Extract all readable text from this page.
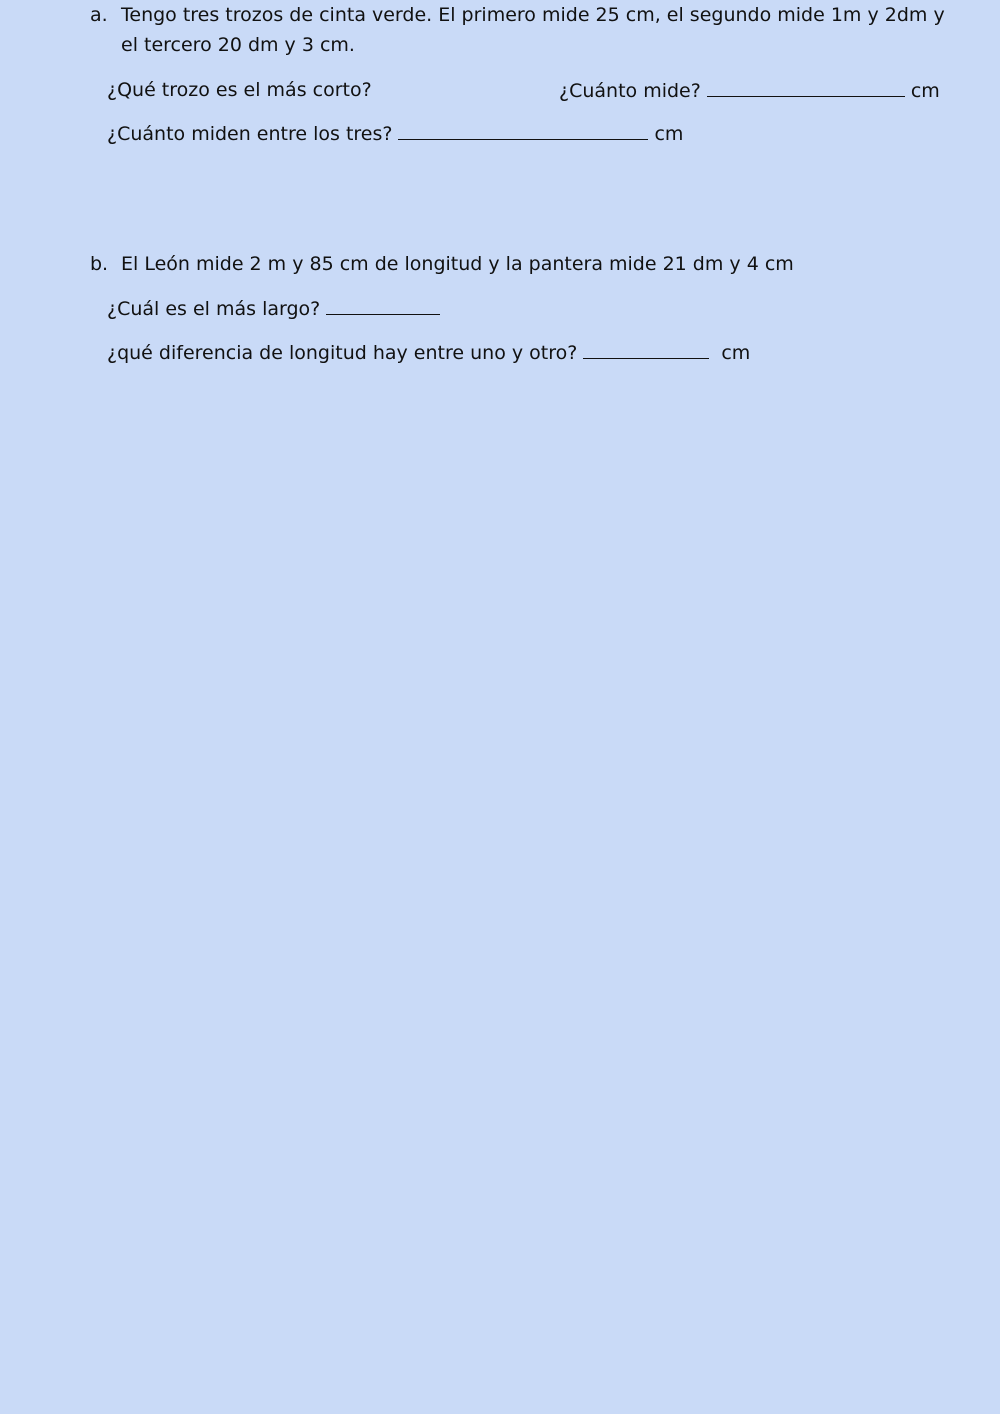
a. Tengo tres trozos de cinta verde. El primero mide 25 cm, el segundo mide 1m y 2dm y
el tercero 20 dm y 3 cm.
¿Qué trozo es el más corto?	¿Cuánto mide?	cm
¿Cuánto miden entre los tres?	cm
b. El León mide 2 m y 85 cm de longitud y la pantera mide 21 dm y 4 cm
¿Cuál es el más largo?
¿qué diferencia de longitud hay entre uno y otro?	cm
